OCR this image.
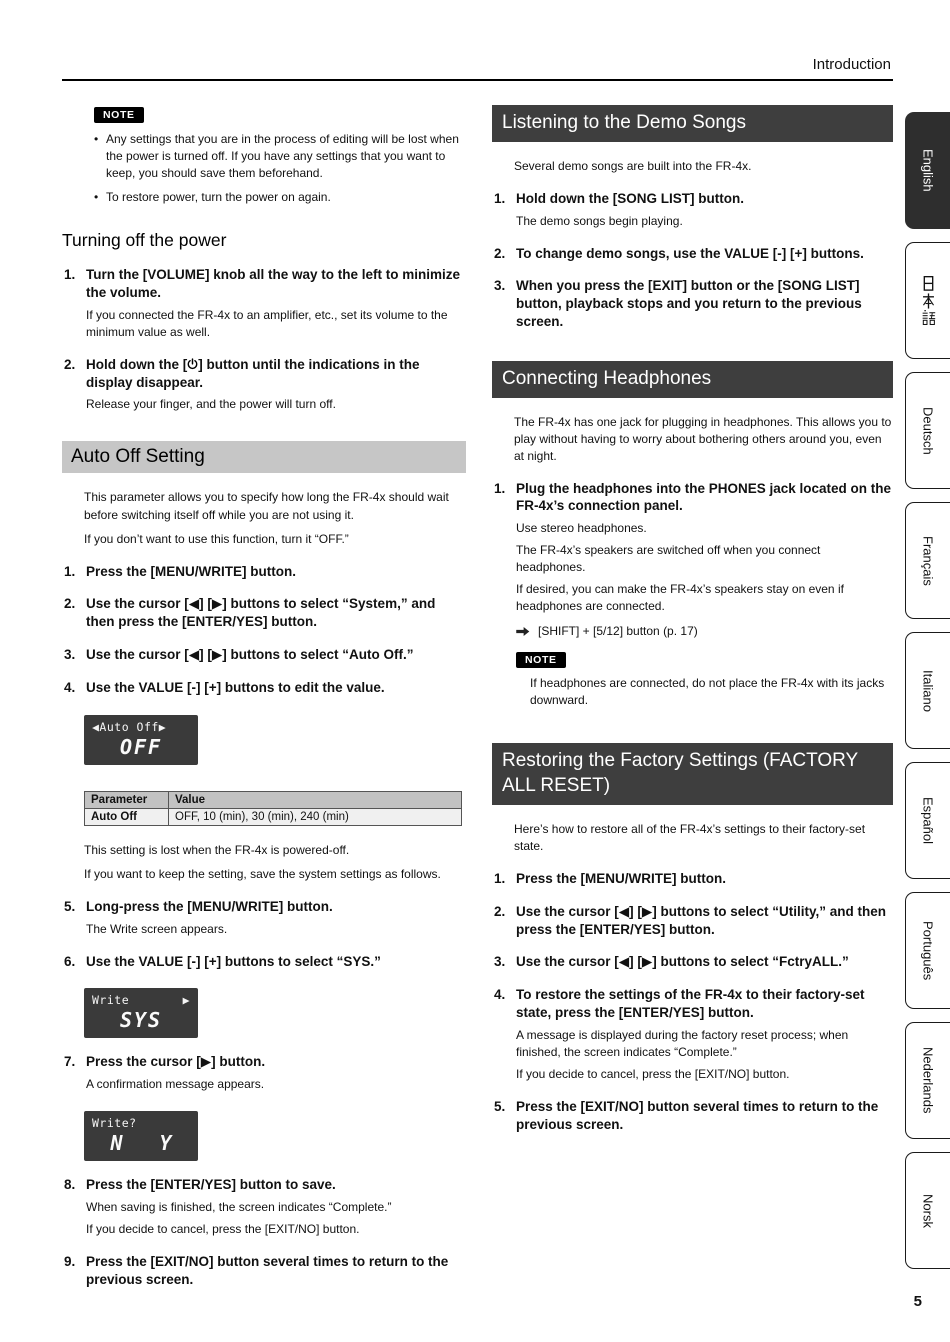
Introduction
NOTE
• Any settings that you are in the process of editing will be lost when the power is turned off. If you have any settings that you want to keep, you should save them beforehand.
• To restore power, turn the power on again.
Turning off the power
1. Turn the [VOLUME] knob all the way to the left to minimize the volume.

If you connected the FR-4x to an amplifier, etc., set its volume to the minimum value as well.

2. Hold down the [ ] button until the indications in the display disappear.

Release your finger, and the power will turn off.

Auto Off Setting

This parameter allows you to specify how long the FR-4x should wait before switching itself off while you are not using it.

If you don’t want to use this function, turn it “OFF.”

1. Press the [MENU/WRITE] button.
2. Use the cursor [◀] [▶] buttons to select “System,” and then press the [ENTER/YES] button.
3. Use the cursor [◀] [▶] buttons to select “Auto Off.”
4. Use the VALUE [-] [+] buttons to edit the value.
◀Auto Off▶
OFF
Parameter	Value
Auto Off	OFF, 10 (min), 30 (min), 240 (min)

This setting is lost when the FR-4x is powered-off.

If you want to keep the setting, save the system settings as follows.

5. Long-press the [MENU/WRITE] button.

The Write screen appears.

6. Use the VALUE [-] [+] buttons to select “SYS.”
Write	▶
SYS
7. Press the cursor [▶] button.

A confirmation message appears.

Write?
N Y
8. Press the [ENTER/YES] button to save.

When saving is finished, the screen indicates “Complete.”

If you decide to cancel, press the [EXIT/NO] button.

9. Press the [EXIT/NO] button several times to return to the previous screen.
Listening to the Demo Songs

Several demo songs are built into the FR-4x.

1. Hold down the [SONG LIST] button.

The demo songs begin playing.

2. To change demo songs, use the VALUE [-] [+] buttons.
3. When you press the [EXIT] button or the [SONG LIST] button, playback stops and you return to the previous screen.
Connecting Headphones

The FR-4x has one jack for plugging in headphones. This allows you to play without having to worry about bothering others around you, even at night.

1. Plug the headphones into the PHONES jack located on the FR-4x’s connection panel.

Use stereo headphones.

The FR-4x’s speakers are switched off when you connect headphones.

If desired, you can make the FR-4x’s speakers stay on even if headphones are connected.

[SHIFT] + [5/12] button (p. 17)
NOTE

If headphones are connected, do not place the FR-4x with its jacks downward.

Restoring the Factory Settings (FACTORY ALL RESET)

Here’s how to restore all of the FR-4x’s settings to their factory-set state.

1. Press the [MENU/WRITE] button.
2. Use the cursor [◀] [▶] buttons to select “Utility,” and then press the [ENTER/YES] button.
3. Use the cursor [◀] [▶] buttons to select “FctryALL.”
4. To restore the settings of the FR-4x to their factory-set state, press the [ENTER/YES] button.

A message is displayed during the factory reset process; when finished, the screen indicates “Complete.”

If you decide to cancel, press the [EXIT/NO] button.

5. Press the [EXIT/NO] button several times to return to the previous screen.
English
Deutsch
Français
Italiano
Español
Português
Nederlands
Norsk
5
